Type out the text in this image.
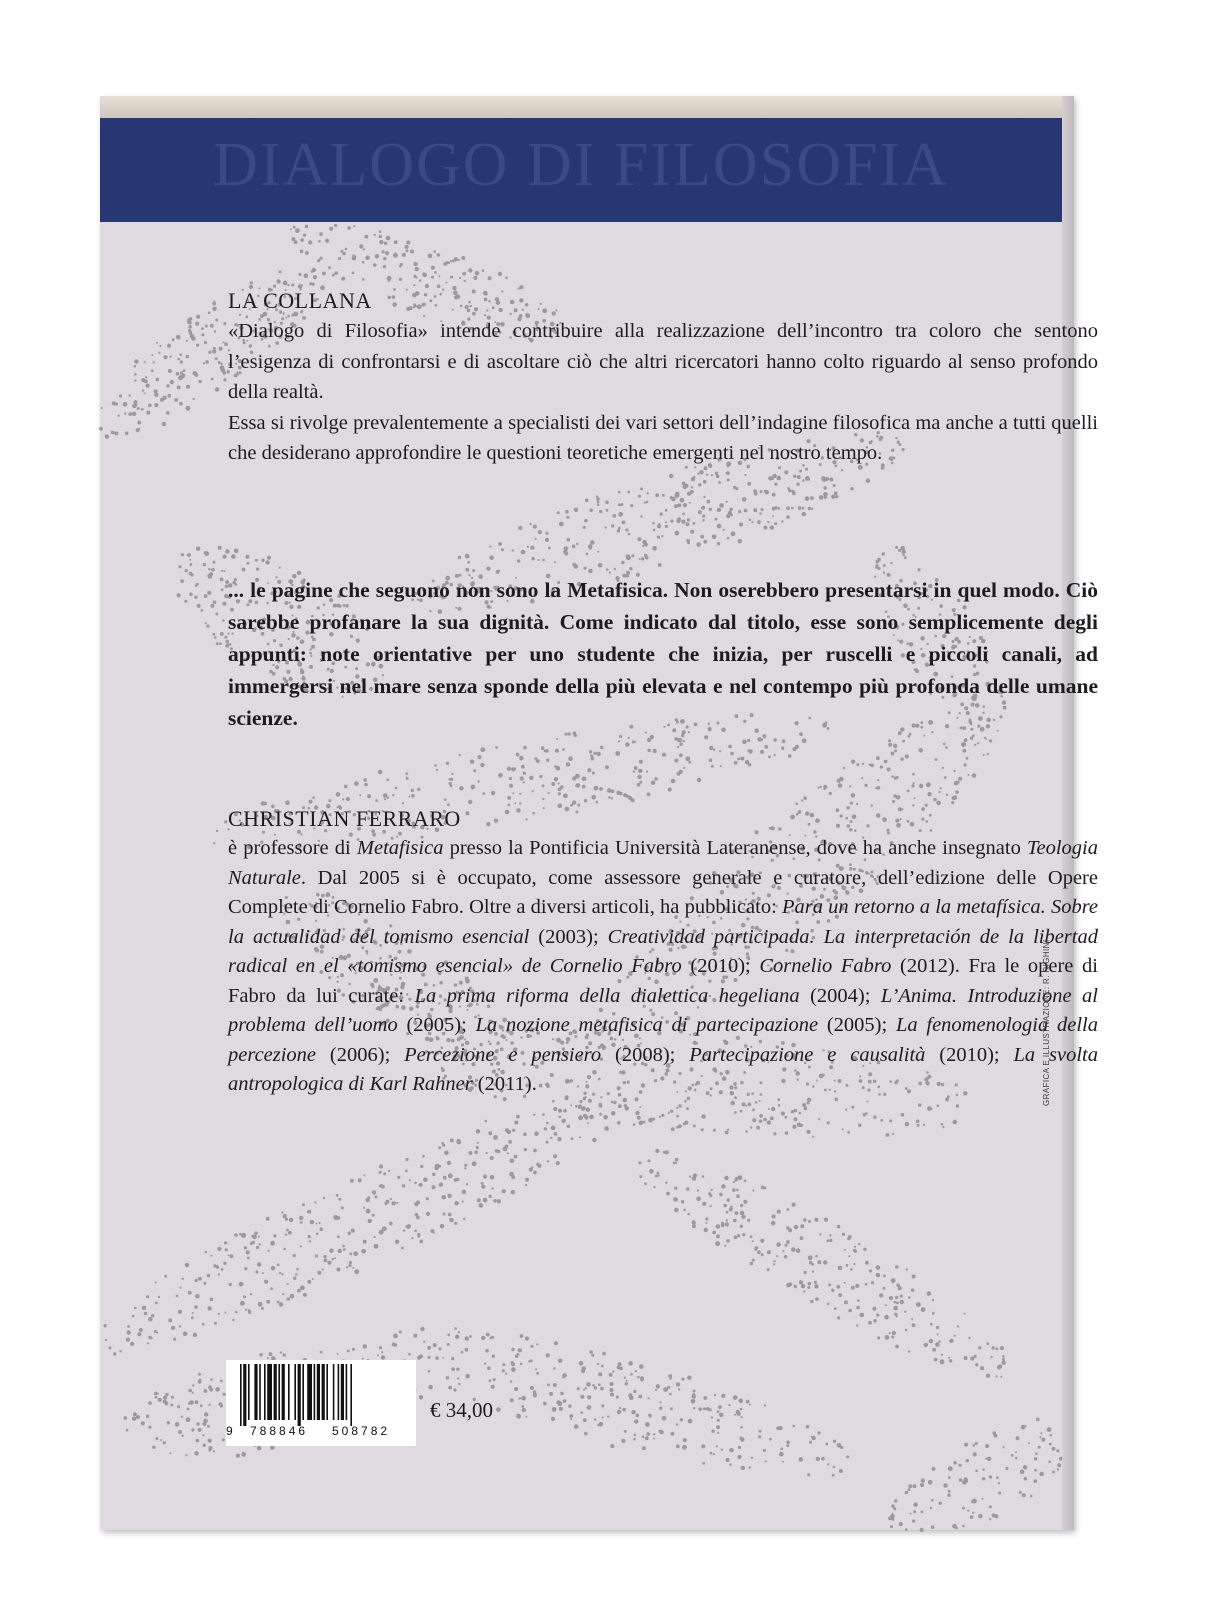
DIALOGO DI FILOSOFIA

LA COLLANA

«Dialogo di Filosofia» intende contribuire alla realizzazione dell’incontro tra coloro che sentono l’esigenza di confrontarsi e di ascoltare ciò che altri ricercatori hanno colto riguardo al senso profondo della realtà.

Essa si rivolge prevalentemente a specialisti dei vari settori dell’indagine filosofica ma anche a tutti quelli che desiderano approfondire le questioni teoretiche emergenti nel nostro tempo.

... le pagine che seguono non sono la Metafisica. Non oserebbero presentarsi in quel modo. Ciò sarebbe profanare la sua dignità. Come indicato dal titolo, esse sono semplicemente degli appunti: note orientative per uno studente che inizia, per ruscelli e piccoli canali, ad immergersi nel mare senza sponde della più elevata e nel contempo più profonda delle umane scienze.

CHRISTIAN FERRARO

è professore di Metafisica presso la Pontificia Università Lateranense, dove ha anche insegnato Teologia Naturale. Dal 2005 si è occupato, come assessore generale e curatore, dell’edizione delle Opere Complete di Cornelio Fabro. Oltre a diversi articoli, ha pubblicato: Para un retorno a la metafísica. Sobre la actualidad del tomismo esencial (2003); Creatividad participada. La interpretación de la libertad radical en el «tomismo esencial» de Cornelio Fabro (2010); Cornelio Fabro (2012). Fra le opere di Fabro da lui curate: La prima riforma della dialettica hegeliana (2004); L’Anima. Introduzione al problema dell’uomo (2005); La nozione metafisica di partecipazione (2005); La fenomenologia della percezione (2006); Percezione e pensiero (2008); Partecipazione e causalità (2010); La svolta antropologica di Karl Rahner (2011).	GRAFICA E ILLUSTRAZIONE: R. RIGHINI
9 788846 508782
€ 34,00
